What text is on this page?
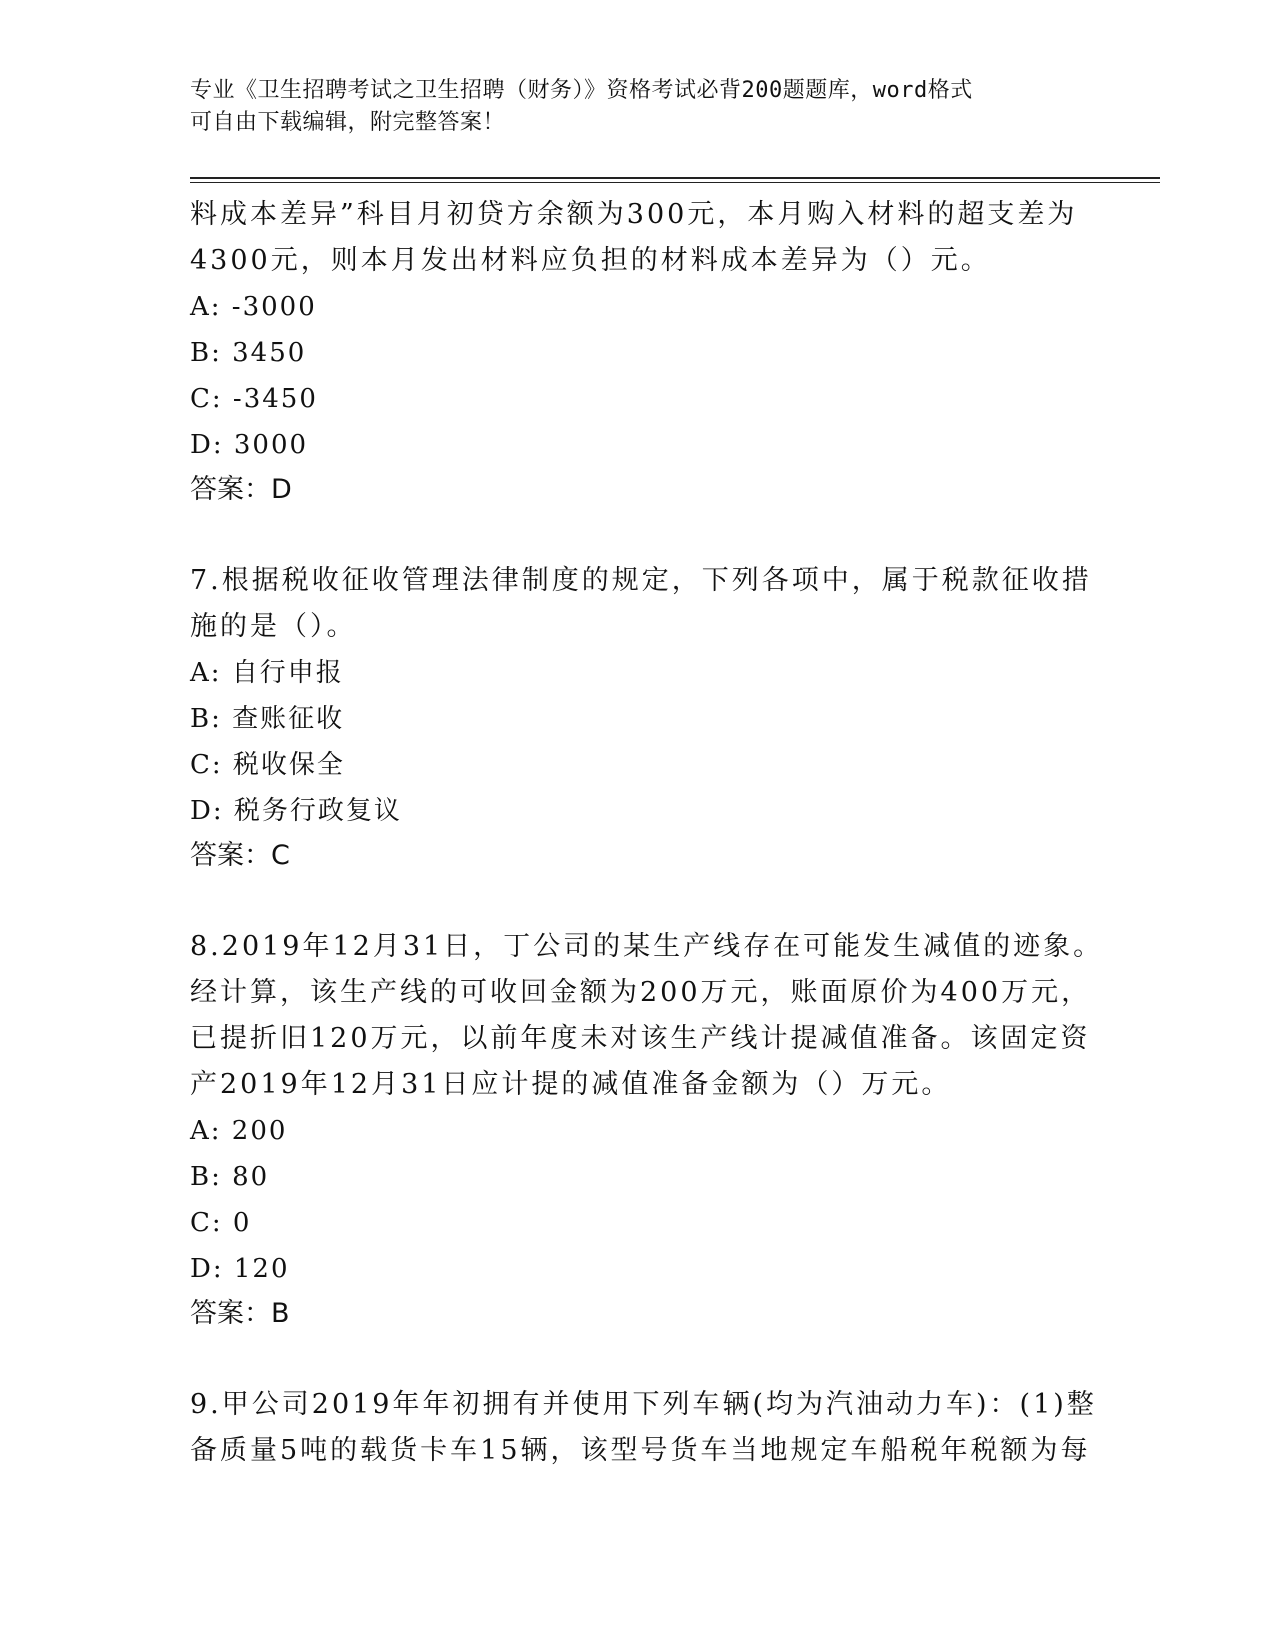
专业《卫生招聘考试之卫生招聘（财务）》资格考试必背200题题库，word格式
可自由下载编辑，附完整答案！
料成本差异”科目月初贷方余额为300元，本月购入材料的超支差为
4300元，则本月发出材料应负担的材料成本差异为（）元。
A: -3000
B: 3450
C: -3450
D: 3000
答案：D
7.根据税收征收管理法律制度的规定，下列各项中，属于税款征收措
施的是（）。
A: 自行申报
B: 查账征收
C: 税收保全
D: 税务行政复议
答案：C
8.2019年12月31日，丁公司的某生产线存在可能发生减值的迹象。
经计算，该生产线的可收回金额为200万元，账面原价为400万元，
已提折旧120万元，以前年度未对该生产线计提减值准备。该固定资
产2019年12月31日应计提的减值准备金额为（）万元。
A: 200
B: 80
C: 0
D: 120
答案：B
9.甲公司2019年年初拥有并使用下列车辆(均为汽油动力车)：(1)整
备质量5吨的载货卡车15辆，该型号货车当地规定车船税年税额为每
